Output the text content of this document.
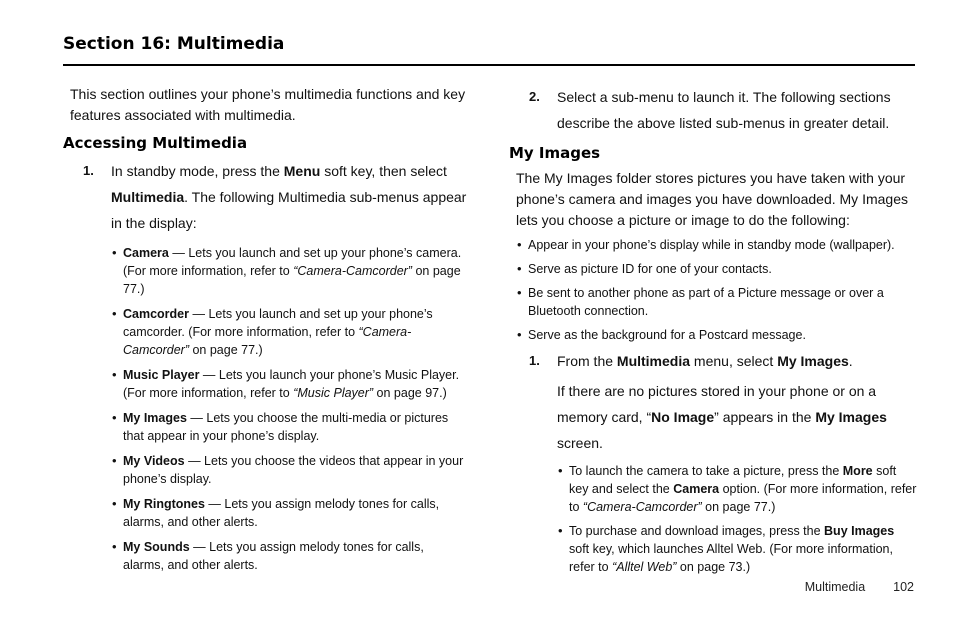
Section 16: Multimedia

This section outlines your phone’s multimedia functions and key features associated with multimedia.

Accessing Multimedia
1.	In standby mode, press the Menu soft key, then select Multimedia. The following Multimedia sub-menus appear in the display:
• Camera — Lets you launch and set up your phone’s camera. (For more information, refer to “Camera-Camcorder” on page 77.)
• Camcorder — Lets you launch and set up your phone’s camcorder. (For more information, refer to “Camera-Camcorder” on page 77.)
• Music Player — Lets you launch your phone’s Music Player. (For more information, refer to “Music Player” on page 97.)
• My Images — Lets you choose the multi-media or pictures that appear in your phone’s display.
• My Videos — Lets you choose the videos that appear in your phone’s display.
• My Ringtones — Lets you assign melody tones for calls, alarms, and other alerts.
• My Sounds — Lets you assign melody tones for calls, alarms, and other alerts.
2.	Select a sub-menu to launch it. The following sections describe the above listed sub-menus in greater detail.
My Images

The My Images folder stores pictures you have taken with your phone’s camera and images you have downloaded. My Images lets you choose a picture or image to do the following:

• Appear in your phone’s display while in standby mode (wallpaper).
• Serve as picture ID for one of your contacts.
• Be sent to another phone as part of a Picture message or over a Bluetooth connection.
• Serve as the background for a Postcard message.
1.	From the Multimedia menu, select My Images.
If there are no pictures stored in your phone or on a memory card, “No Image” appears in the My Images screen.
• To launch the camera to take a picture, press the More soft key and select the Camera option. (For more information, refer to “Camera-Camcorder” on page 77.)
• To purchase and download images, press the Buy Images soft key, which launches Alltel Web. (For more information, refer to “Alltel Web” on page 73.)
Multimedia 102
